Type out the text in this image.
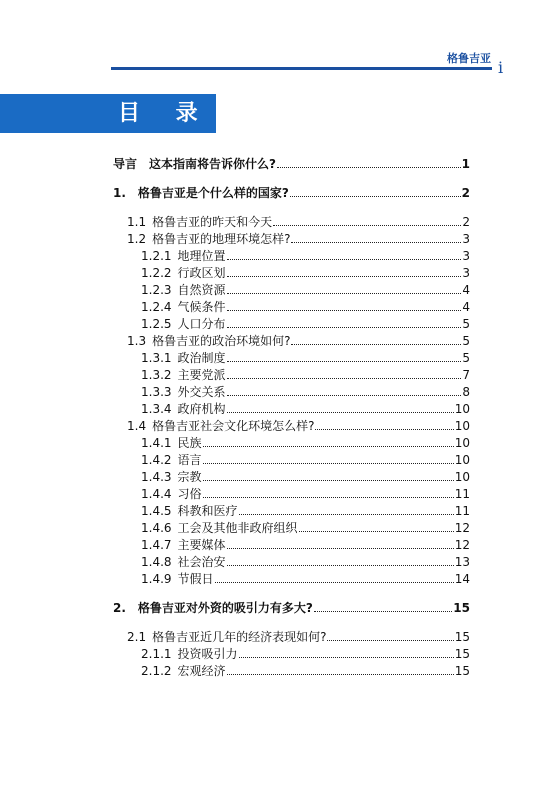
格鲁吉亚 i
目 录
导言 这本指南将告诉你什么?	1
1. 格鲁吉亚是个什么样的国家?	2
1.1 格鲁吉亚的昨天和今天	2
1.2 格鲁吉亚的地理环境怎样?	3
1.2.1 地理位置	3
1.2.2 行政区划	3
1.2.3 自然资源	4
1.2.4 气候条件	4
1.2.5 人口分布	5
1.3 格鲁吉亚的政治环境如何?	5
1.3.1 政治制度	5
1.3.2 主要党派	7
1.3.3 外交关系	8
1.3.4 政府机构	10
1.4 格鲁吉亚社会文化环境怎么样?	10
1.4.1 民族	10
1.4.2 语言	10
1.4.3 宗教	10
1.4.4 习俗	11
1.4.5 科教和医疗	11
1.4.6 工会及其他非政府组织	12
1.4.7 主要媒体	12
1.4.8 社会治安	13
1.4.9 节假日	14
2. 格鲁吉亚对外资的吸引力有多大?	15
2.1 格鲁吉亚近几年的经济表现如何?	15
2.1.1 投资吸引力	15
2.1.2 宏观经济	15
